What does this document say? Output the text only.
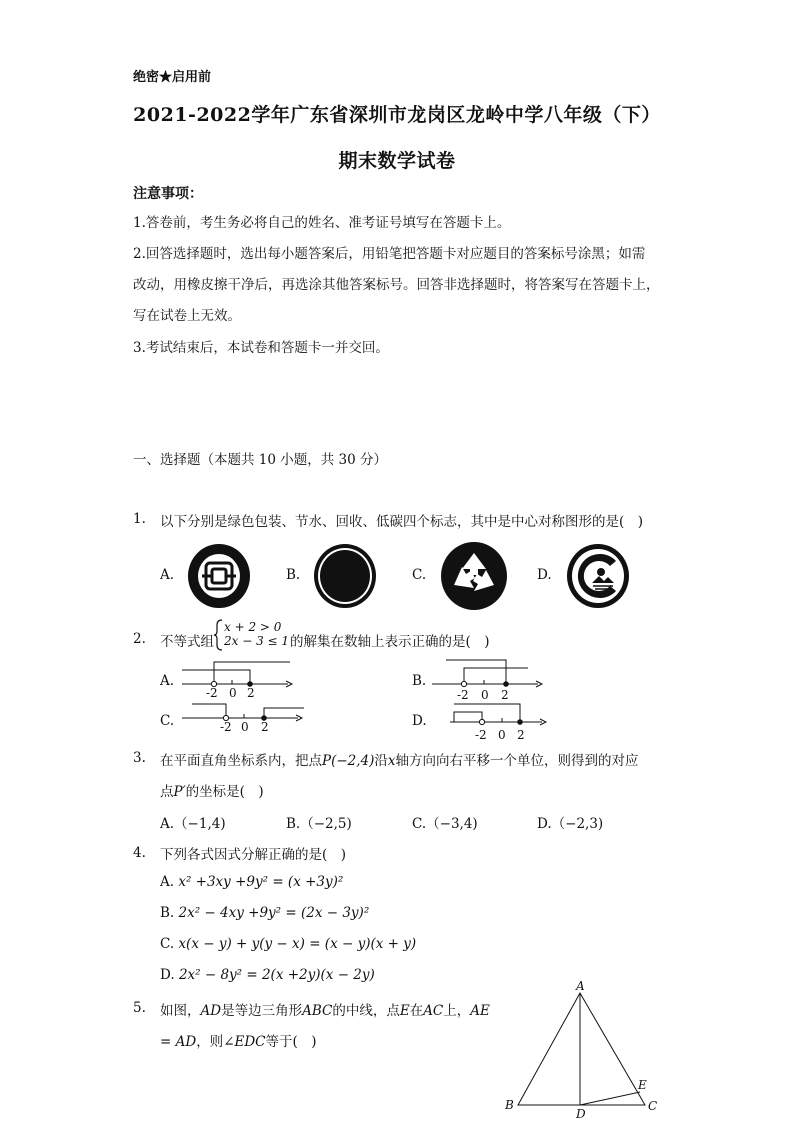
绝密★启用前
2021-2022学年广东省深圳市龙岗区龙岭中学八年级（下）
期末数学试卷
注意事项：
1.答卷前，考生务必将自己的姓名、准考证号填写在答题卡上。
2.回答选择题时，选出每小题答案后，用铅笔把答题卡对应题目的答案标号涂黑；如需
改动，用橡皮擦干净后，再选涂其他答案标号。回答非选择题时，将答案写在答题卡上，
写在试卷上无效。
3.考试结束后，本试卷和答题卡一并交回。
一、选择题（本题共 10 小题，共 30 分）
1. 以下分别是绿色包装、节水、回收、低碳四个标志，其中是中心对称图形的是(　)
A.	B.	C.	D.
2. 不等式组
x + 2 > 0
2x − 3 ≤ 1 的解集在数轴上表示正确的是(　)
A.
-2 0 2
B.
-2 0 2
C.	-2 0 2	D.
-2 0 2
3. 在平面直角坐标系内，把点P(−2,4)沿x轴方向向右平移一个单位，则得到的对应
点P′的坐标是(　)
A.（−1,4)	B.（−2,5)	C.（−3,4)	D.（−2,3)
4. 下列各式因式分解正确的是(　)
A. x² +3xy +9y² = (x +3y)²
B. 2x² − 4xy +9y² = (2x − 3y)²
C. x(x − y) + y(y − x) = (x − y)(x + y)
D. 2x² − 8y² = 2(x +2y)(x − 2y)
5. 如图，AD是等边三角形ABC的中线，点E在AC上，AE
= AD，则∠EDC等于(　)
A
B
D
C
E
